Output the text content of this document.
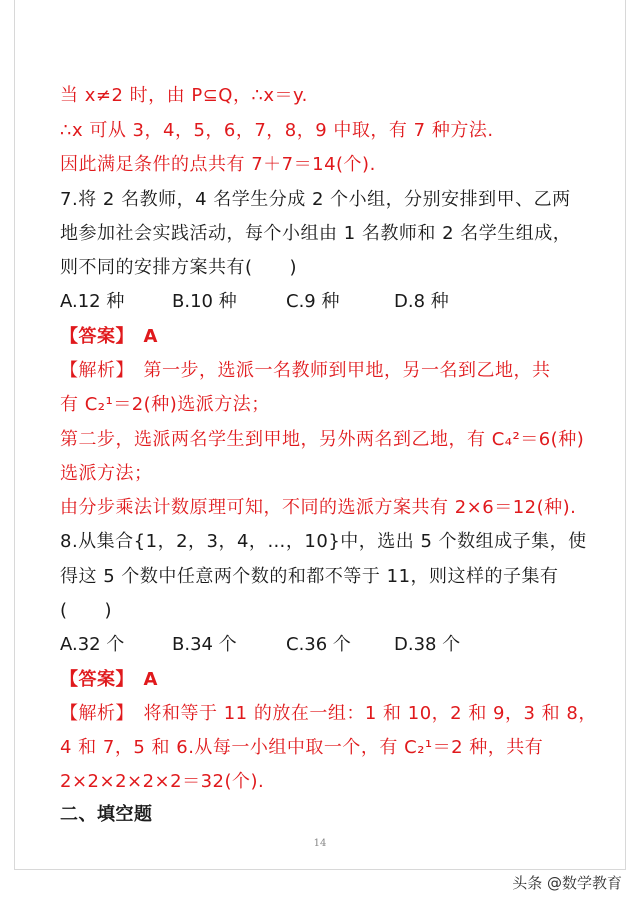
当 x≠2 时，由 P⊆Q，∴x＝y.
∴x 可从 3，4，5，6，7，8，9 中取，有 7 种方法.
因此满足条件的点共有 7＋7＝14(个).
7.将 2 名教师，4 名学生分成 2 个小组，分别安排到甲、乙两
地参加社会实践活动，每个小组由 1 名教师和 2 名学生组成，
则不同的安排方案共有(　　)
A.12 种	B.10 种	C.9 种	D.8 种
【答案】　A
【解析】　第一步，选派一名教师到甲地，另一名到乙地，共
有 C₂¹＝2(种)选派方法；
第二步，选派两名学生到甲地，另外两名到乙地，有 C₄²＝6(种)
选派方法；
由分步乘法计数原理可知，不同的选派方案共有 2×6＝12(种).
8.从集合{1，2，3，4，…，10}中，选出 5 个数组成子集，使
得这 5 个数中任意两个数的和都不等于 11，则这样的子集有
(　　)
A.32 个	B.34 个	C.36 个 D.38 个
【答案】　A
【解析】　将和等于 11 的放在一组：1 和 10，2 和 9，3 和 8，
4 和 7，5 和 6.从每一小组中取一个，有 C₂¹＝2 种，共有
2×2×2×2×2＝32(个).
二、填空题
14
头条 @数学教育
